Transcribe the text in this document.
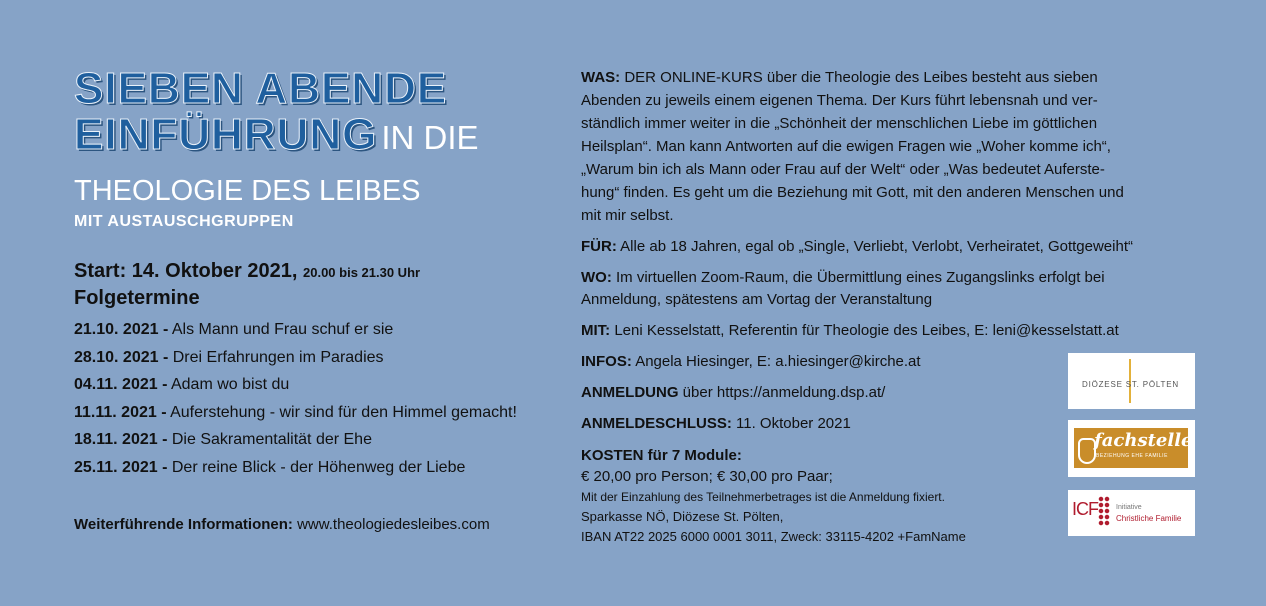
SIEBEN ABENDE
EINFÜHRUNG IN DIE
THEOLOGIE DES LEIBES
MIT AUSTAUSCHGRUPPEN
Start: 14. Oktober 2021, 20.00 bis 21.30 Uhr
Folgetermine
21.10. 2021 - Als Mann und Frau schuf er sie
28.10. 2021 - Drei Erfahrungen im Paradies
04.11. 2021 - Adam wo bist du
11.11. 2021 - Auferstehung - wir sind für den Himmel gemacht!
18.11. 2021 - Die Sakramentalität der Ehe
25.11. 2021 - Der reine Blick - der Höhenweg der Liebe
Weiterführende Informationen: www.theologiedesleibes.com
WAS: DER ONLINE-KURS über die Theologie des Leibes besteht aus sieben
Abenden zu jeweils einem eigenen Thema. Der Kurs führt lebensnah und ver-
ständlich immer weiter in die „Schönheit der menschlichen Liebe im göttlichen
Heilsplan“. Man kann Antworten auf die ewigen Fragen wie „Woher komme ich“,
„Warum bin ich als Mann oder Frau auf der Welt“ oder „Was bedeutet Auferste-
hung“ finden. Es geht um die Beziehung mit Gott, mit den anderen Menschen und
mit mir selbst.
FÜR: Alle ab 18 Jahren, egal ob „Single, Verliebt, Verlobt, Verheiratet, Gottgeweiht“
WO: Im virtuellen Zoom-Raum, die Übermittlung eines Zugangslinks erfolgt bei
Anmeldung, spätestens am Vortag der Veranstaltung
MIT: Leni Kesselstatt, Referentin für Theologie des Leibes, E: leni@kesselstatt.at
INFOS: Angela Hiesinger, E: a.hiesinger@kirche.at
ANMELDUNG über https://anmeldung.dsp.at/
ANMELDESCHLUSS: 11. Oktober 2021
KOSTEN für 7 Module:
€ 20,00 pro Person; € 30,00 pro Paar;
Mit der Einzahlung des Teilnehmerbetrages ist die Anmeldung fixiert.
Sparkasse NÖ, Diözese St. Pölten,
IBAN AT22 2025 6000 0001 3011, Zweck: 33115-4202 +FamName
DIÖZESE ST. PÖLTEN
fachstelle
BEZIEHUNG EHE FAMILIE
ICF	Initiative
Christliche Familie
